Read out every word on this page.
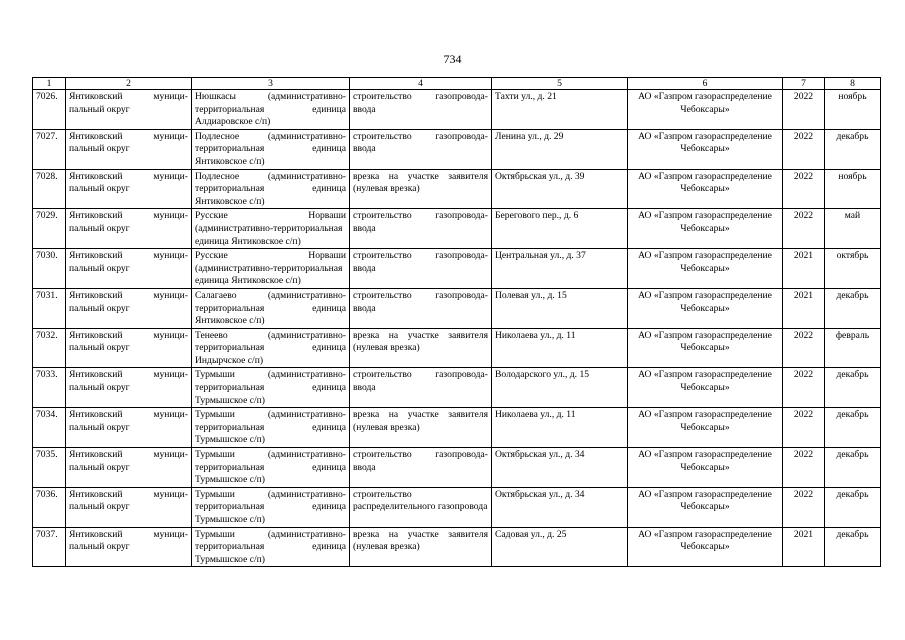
734
1	2	3	4	5	6	7	8
7026.	Янтиковский муници-пальный округ	Нюшкасы (административно-территориальная единица Алдиаровское с/п)	строительство газопровода-ввода	Тахти ул., д. 21	АО «Газпром газораспределение Чебоксары»	2022	ноябрь
7027.	Янтиковский муници-пальный округ	Подлесное (административно-территориальная единица Янтиковское с/п)	строительство газопровода-ввода	Ленина ул., д. 29	АО «Газпром газораспределение Чебоксары»	2022	декабрь
7028.	Янтиковский муници-пальный округ	Подлесное (административно-территориальная единица Янтиковское с/п)	врезка на участке заявителя (нулевая врезка)	Октябрьская ул., д. 39	АО «Газпром газораспределение Чебоксары»	2022	ноябрь
7029.	Янтиковский муници-пальный округ	Русские Норваши (административно-территориальная единица Янтиковское с/п)	строительство газопровода-ввода	Берегового пер., д. 6	АО «Газпром газораспределение Чебоксары»	2022	май
7030.	Янтиковский муници-пальный округ	Русские Норваши (административно-территориальная единица Янтиковское с/п)	строительство газопровода-ввода	Центральная ул., д. 37	АО «Газпром газораспределение Чебоксары»	2021	октябрь
7031.	Янтиковский муници-пальный округ	Салагаево (административно-территориальная единица Янтиковское с/п)	строительство газопровода-ввода	Полевая ул., д. 15	АО «Газпром газораспределение Чебоксары»	2021	декабрь
7032.	Янтиковский муници-пальный округ	Тенеево (административно-территориальная единица Индырчское с/п)	врезка на участке заявителя (нулевая врезка)	Николаева ул., д. 11	АО «Газпром газораспределение Чебоксары»	2022	февраль
7033.	Янтиковский муници-пальный округ	Турмыши (административно-территориальная единица Турмышское с/п)	строительство газопровода-ввода	Володарского ул., д. 15	АО «Газпром газораспределение Чебоксары»	2022	декабрь
7034.	Янтиковский муници-пальный округ	Турмыши (административно-территориальная единица Турмышское с/п)	врезка на участке заявителя (нулевая врезка)	Николаева ул., д. 11	АО «Газпром газораспределение Чебоксары»	2022	декабрь
7035.	Янтиковский муници-пальный округ	Турмыши (административно-территориальная единица Турмышское с/п)	строительство газопровода-ввода	Октябрьская ул., д. 34	АО «Газпром газораспределение Чебоксары»	2022	декабрь
7036.	Янтиковский муници-пальный округ	Турмыши (административно-территориальная единица Турмышское с/п)	строительство распределительного газопровода	Октябрьская ул., д. 34	АО «Газпром газораспределение Чебоксары»	2022	декабрь
7037.	Янтиковский муници-пальный округ	Турмыши (административно-территориальная единица Турмышское с/п)	врезка на участке заявителя (нулевая врезка)	Садовая ул., д. 25	АО «Газпром газораспределение Чебоксары»	2021	декабрь
